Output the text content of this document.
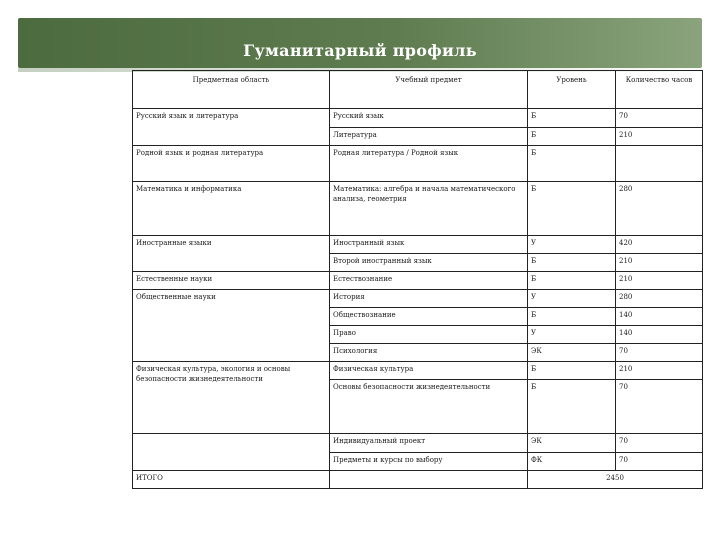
Гуманитарный профиль
Предметная область	Учебный предмет	Уровень	Количество часов
Русский язык и литература	Русский язык	Б	70
	Литература	Б	210
Родной язык и родная литература	Родная литература / Родной язык	Б	
Математика и информатика	Математика: алгебра и начала математического анализа, геометрия	Б	280
Иностранные языки	Иностранный язык	У	420
	Второй иностранный язык	Б	210
Естественные науки	Естествознание	Б	210
Общественные науки	История	У	280
	Обществознание	Б	140
	Право	У	140
	Психология	ЭК	70
Физическая культура, экология и основы безопасности жизнедеятельности	Физическая культура	Б	210
	Основы безопасности жизнедеятельности	Б	70
	Индивидуальный проект	ЭК	70
	Предметы и курсы по выбору	ФК	70
ИТОГО		2450	
